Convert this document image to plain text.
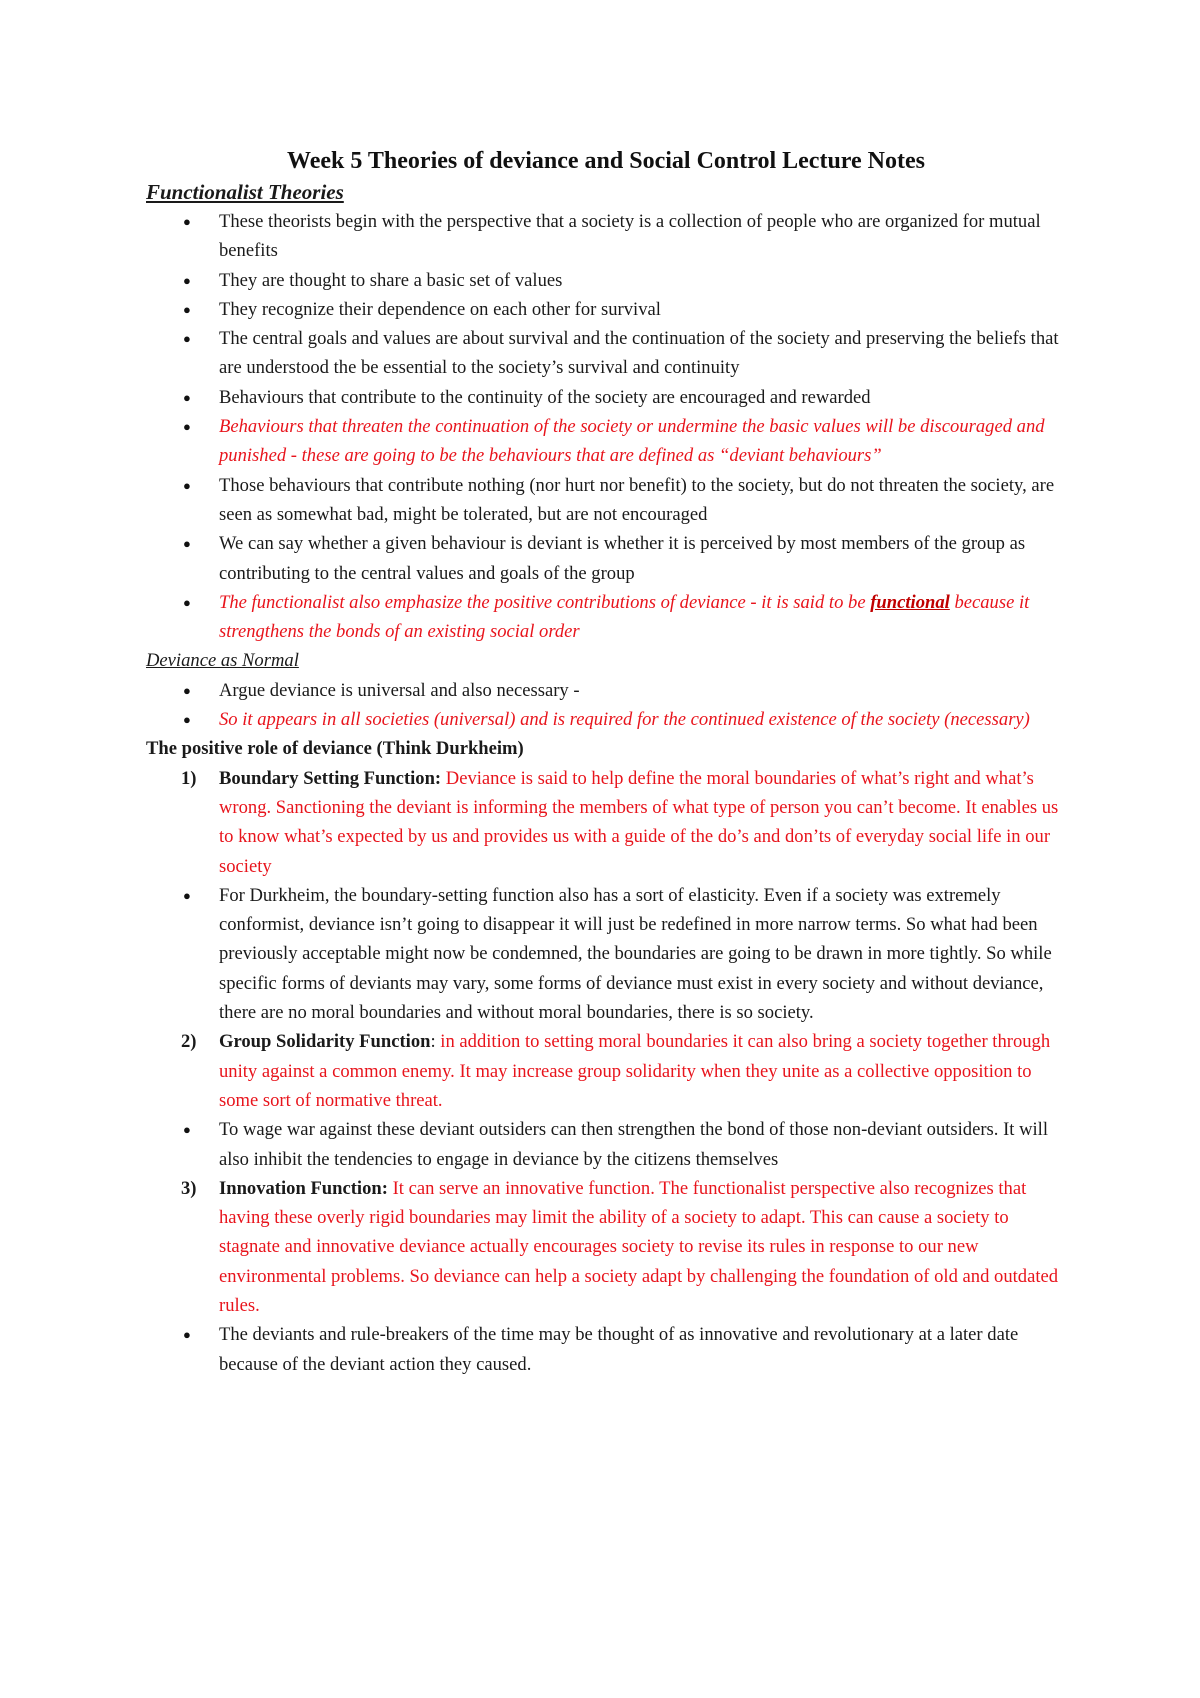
Week 5 Theories of deviance and Social Control Lecture Notes

Functionalist Theories

● These theorists begin with the perspective that a society is a collection of people who are organized for mutual benefits
● They are thought to share a basic set of values
● They recognize their dependence on each other for survival
● The central goals and values are about survival and the continuation of the society and preserving the beliefs that are understood the be essential to the society’s survival and continuity
● Behaviours that contribute to the continuity of the society are encouraged and rewarded
● Behaviours that threaten the continuation of the society or undermine the basic values will be discouraged and punished - these are going to be the behaviours that are defined as “deviant behaviours”
● Those behaviours that contribute nothing (nor hurt nor benefit) to the society, but do not threaten the society, are seen as somewhat bad, might be tolerated, but are not encouraged
● We can say whether a given behaviour is deviant is whether it is perceived by most members of the group as contributing to the central values and goals of the group
● The functionalist also emphasize the positive contributions of deviance - it is said to be functional because it strengthens the bonds of an existing social order

Deviance as Normal

● Argue deviance is universal and also necessary -
● So it appears in all societies (universal) and is required for the continued existence of the society (necessary)

The positive role of deviance (Think Durkheim)

1) Boundary Setting Function: Deviance is said to help define the moral boundaries of what’s right and what’s wrong. Sanctioning the deviant is informing the members of what type of person you can’t become. It enables us to know what’s expected by us and provides us with a guide of the do’s and don’ts of everyday social life in our society
● For Durkheim, the boundary-setting function also has a sort of elasticity. Even if a society was extremely conformist, deviance isn’t going to disappear it will just be redefined in more narrow terms. So what had been previously acceptable might now be condemned, the boundaries are going to be drawn in more tightly. So while specific forms of deviants may vary, some forms of deviance must exist in every society and without deviance, there are no moral boundaries and without moral boundaries, there is so society.
2) Group Solidarity Function: in addition to setting moral boundaries it can also bring a society together through unity against a common enemy. It may increase group solidarity when they unite as a collective opposition to some sort of normative threat.
● To wage war against these deviant outsiders can then strengthen the bond of those non-deviant outsiders. It will also inhibit the tendencies to engage in deviance by the citizens themselves
3) Innovation Function: It can serve an innovative function. The functionalist perspective also recognizes that having these overly rigid boundaries may limit the ability of a society to adapt. This can cause a society to stagnate and innovative deviance actually encourages society to revise its rules in response to our new environmental problems. So deviance can help a society adapt by challenging the foundation of old and outdated rules.
● The deviants and rule-breakers of the time may be thought of as innovative and revolutionary at a later date because of the deviant action they caused.
